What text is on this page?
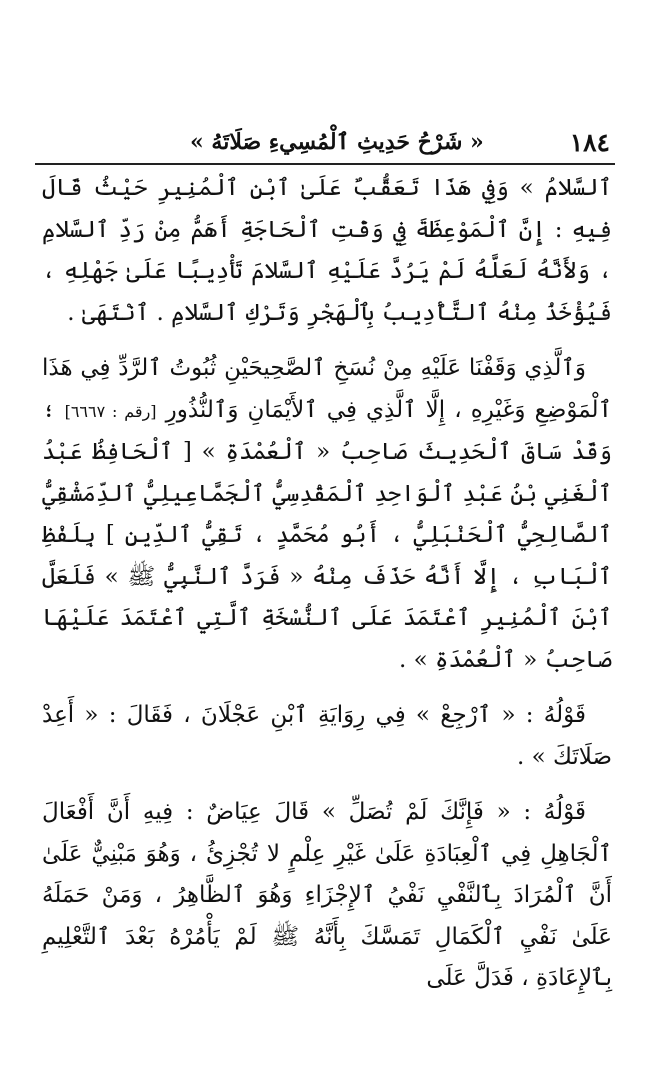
١٨٤
« شَرْحُ حَدِيثِ ٱلْمُسِيءِ صَلَاتَهُ »

ٱلسَّلامُ » وَفِي هَذَا تَعَقُّبٌ عَلَىٰ ٱبْنِ ٱلْمُنِيرِ حَيْثُ قَالَ فِيهِ : إِنَّ ٱلْمَوْعِظَةَ فِي وَقْتِ ٱلْحَاجَةِ أَهَمُّ مِنْ رَدِّ ٱلسَّلامِ ، وَلأَنَّهُ لَعَلَّهُ لَمْ يَرُدَّ عَلَيْهِ ٱلسَّلامَ تَأْدِيبًا عَلَىٰ جَهْلِهِ ، فَيُؤْخَذُ مِنْهُ ٱلتَّأْدِيبُ بِٱلْهَجْرِ وَتَرْكِ ٱلسَّلامِ . ٱنْتَهَىٰ .

وَٱلَّذِي وَقَفْنَا عَلَيْهِ مِنْ نُسَخِ ٱلصَّحِيحَيْنِ ثُبُوتُ ٱلرَّدِّ فِي هَذَا ٱلْمَوْضِعِ وَغَيْرِهِ ، إِلَّا ٱلَّذِي فِي ٱلأَيْمَانِ وَٱلنُّذُورِ [رقم : ٦٦٦٧] ؛ وَقَدْ سَاقَ ٱلْحَدِيثَ صَاحِبُ « ٱلْعُمْدَةِ » [ ٱلْحَافِظُ عَبْدُ ٱلْغَنِي بْنُ عَبْدِ ٱلْوَاحِدِ ٱلْمَقْدِسِيُّ ٱلْجَمَّاعِيلِيُّ ٱلدِّمَشْقِيُّ ٱلصَّالِحِيُّ ٱلْحَنْبَلِيُّ ، أَبُو مُحَمَّدٍ ، تَقِيُّ ٱلدِّينِ ] بِلَفْظِ ٱلْبَابِ ، إِلَّا أَنَّهُ حَذَفَ مِنْهُ « فَرَدَّ ٱلنَّبِيُّ ﷺ » فَلَعَلَّ ٱبْنَ ٱلْمُنِيرِ ٱعْتَمَدَ عَلَى ٱلنُّسْخَةِ ٱلَّتِي ٱعْتَمَدَ عَلَيْهَا صَاحِبُ « ٱلْعُمْدَةِ » .

قَوْلُهُ : « ٱرْجِعْ » فِي رِوَايَةِ ٱبْنِ عَجْلَانَ ، فَقَالَ : « أَعِدْ صَلَاتَكَ » .

قَوْلُهُ : « فَإِنَّكَ لَمْ تُصَلِّ » قَالَ عِيَاضٌ : فِيهِ أَنَّ أَفْعَالَ ٱلْجَاهِلِ فِي ٱلْعِبَادَةِ عَلَىٰ غَيْرِ عِلْمٍ لا تُجْزِئُ ، وَهُوَ مَبْنِيٌّ عَلَىٰ أَنَّ ٱلْمُرَادَ بِٱلنَّفْيِ نَفْيُ ٱلإِجْزَاءِ وَهُوَ ٱلظَّاهِرُ ، وَمَنْ حَمَلَهُ عَلَىٰ نَفْيِ ٱلْكَمَالِ تَمَسَّكَ بِأَنَّهُ ﷺ لَمْ يَأْمُرْهُ بَعْدَ ٱلتَّعْلِيمِ بِٱلإِعَادَةِ ، فَدَلَّ عَلَى
